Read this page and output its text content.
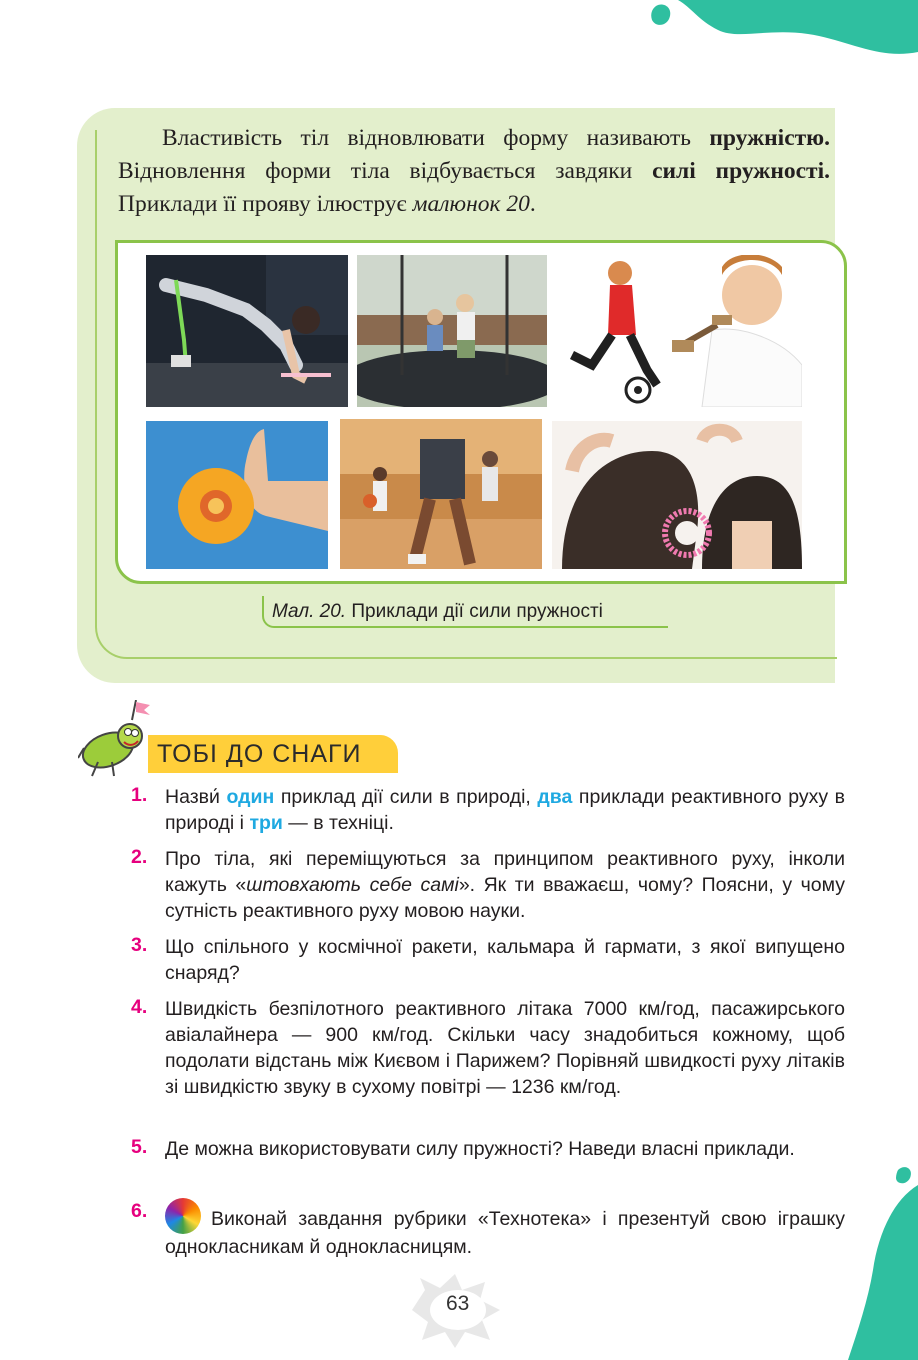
Властивість тіл відновлювати форму називають пружністю. Відновлення форми тіла відбувається завдяки силі пружності. Приклади її прояву ілюструє малюнок 20.

Мал. 20. Приклади дії сили пружності
ТОБІ ДО СНАГИ
1. Назви́ один приклад дії сили в природі, два приклади реактивного руху в природі і три — в техніці.

2. Про тіла, які переміщуються за принципом реактивного руху, інколи кажуть «штовхають себе самі». Як ти вважаєш, чому? Поясни, у чому сутність реактивного руху мовою науки.

3. Що спільного у космічної ракети, кальмара й гармати, з якої випущено снаряд?

4. Швидкість безпілотного реактивного літака 7000 км/год, пасажирського авіалайнера — 900 км/год. Скільки часу знадобиться кожному, щоб подолати відстань між Києвом і Парижем? Порівняй швидкості руху літаків зі швидкістю звуку в сухому повітрі — 1236 км/год.

5. Де можна використовувати силу пружності? Наведи власні приклади.

6.	Виконай завдання рубрики «Технотека» і презентуй свою іграшку однокласникам й однокласницям.

63
